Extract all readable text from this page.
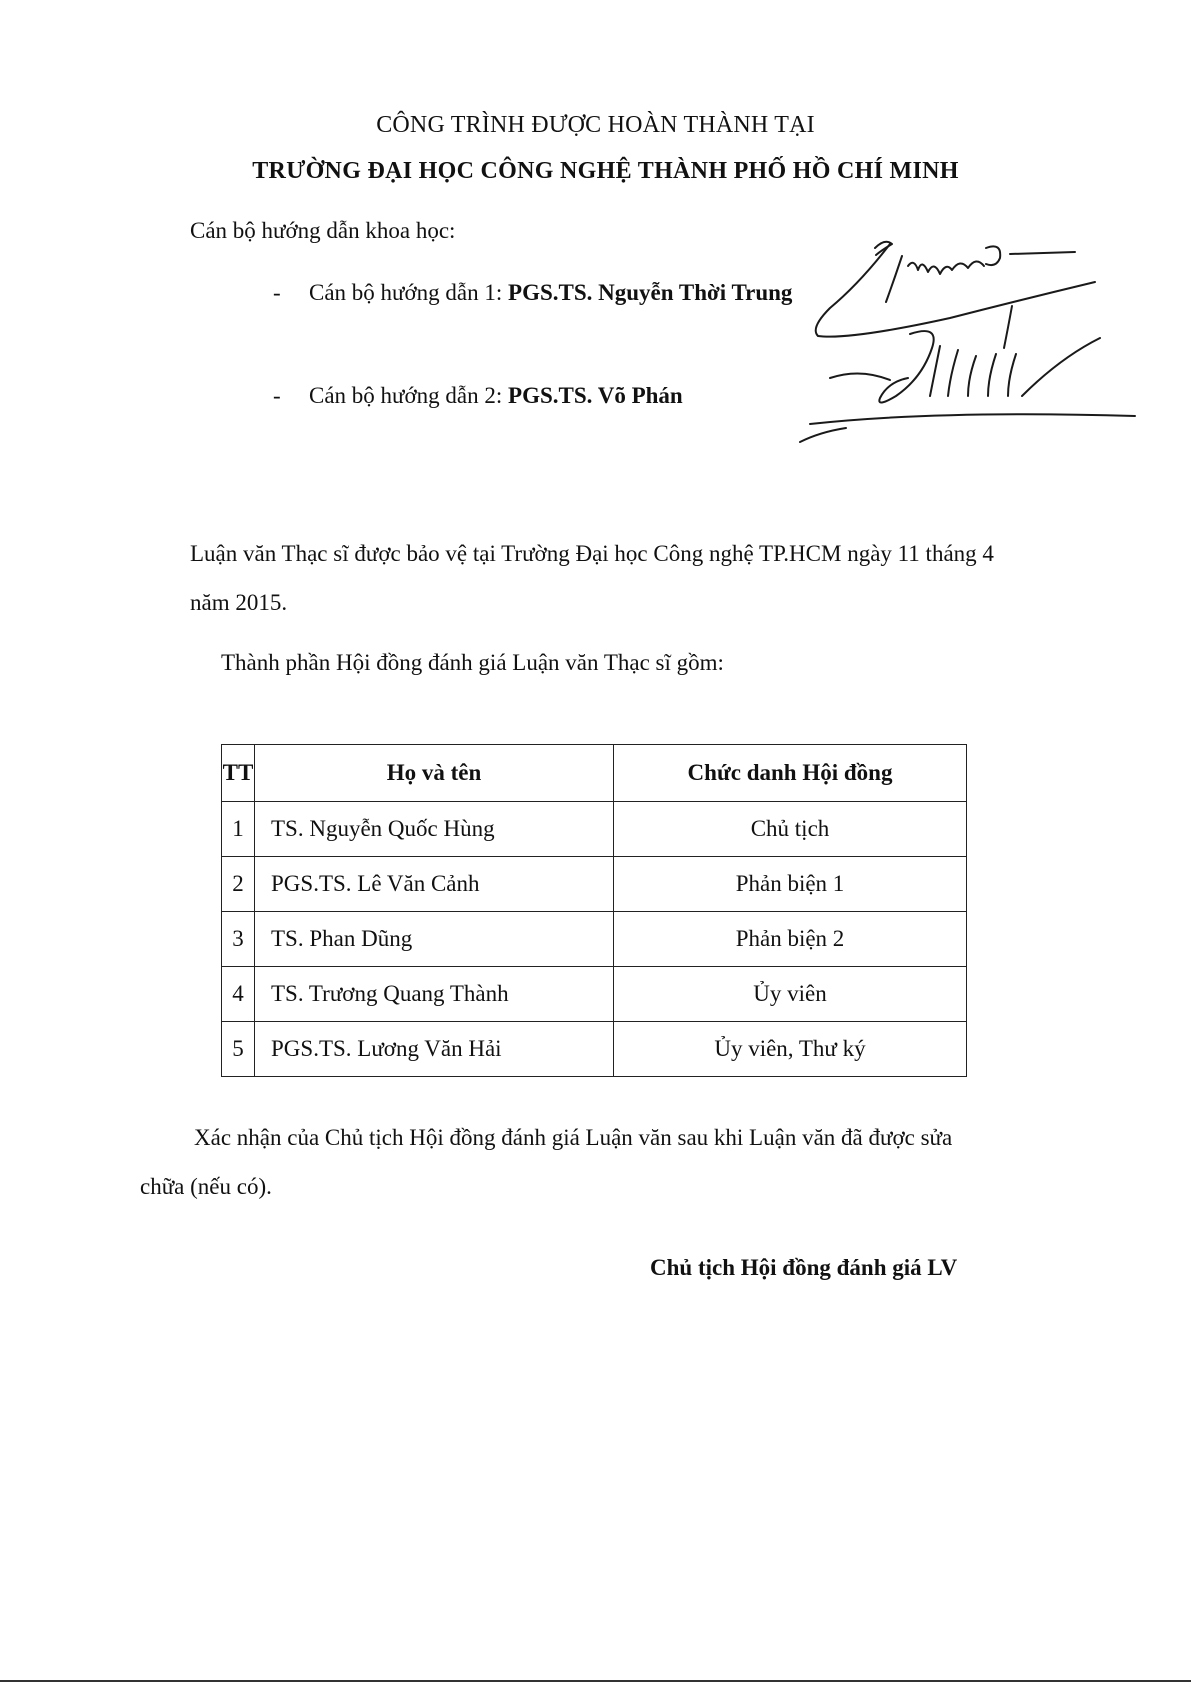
CÔNG TRÌNH ĐƯỢC HOÀN THÀNH TẠI
TRƯỜNG ĐẠI HỌC CÔNG NGHỆ THÀNH PHỐ HỒ CHÍ MINH
Cán bộ hướng dẫn khoa học:
- Cán bộ hướng dẫn 1: PGS.TS. Nguyễn Thời Trung
- Cán bộ hướng dẫn 2: PGS.TS. Võ Phán
Luận văn Thạc sĩ được bảo vệ tại Trường Đại học Công nghệ TP.HCM ngày 11 tháng 4
năm 2015.
Thành phần Hội đồng đánh giá Luận văn Thạc sĩ gồm:
TT	Họ và tên	Chức danh Hội đồng
1	TS. Nguyễn Quốc Hùng	Chủ tịch
2	PGS.TS. Lê Văn Cảnh	Phản biện 1
3	TS. Phan Dũng	Phản biện 2
4	TS. Trương Quang Thành	Ủy viên
5	PGS.TS. Lương Văn Hải	Ủy viên, Thư ký
Xác nhận của Chủ tịch Hội đồng đánh giá Luận văn sau khi Luận văn đã được sửa
chữa (nếu có).
Chủ tịch Hội đồng đánh giá LV
